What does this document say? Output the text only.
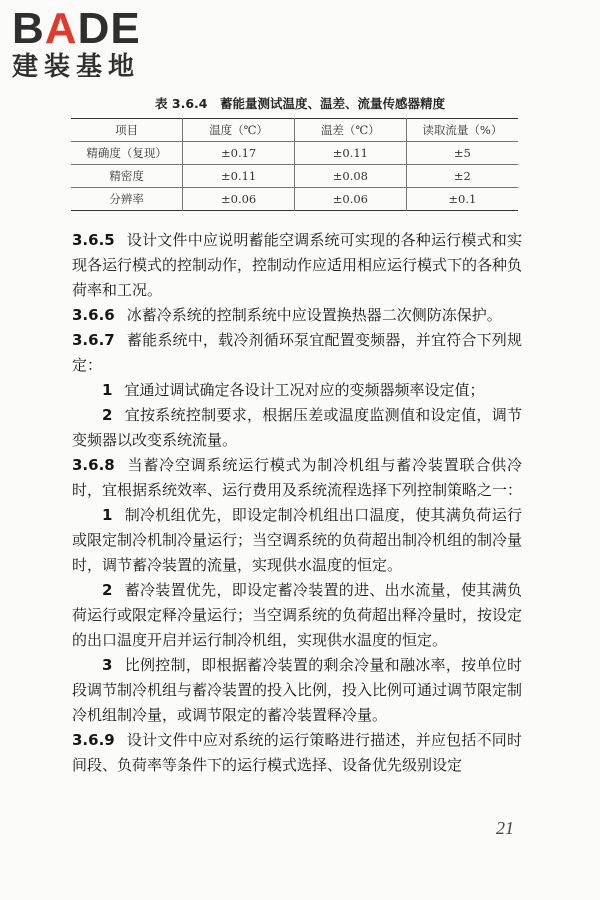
BADE
建装基地
表 3.6.4　蓄能量测试温度、温差、流量传感器精度
项目	温度（℃）	温差（℃）	读取流量（%）
精确度（复现）	±0.17	±0.11	±5
精密度	±0.11	±0.08	±2
分辨率	±0.06	±0.06	±0.1

3.6.5 设计文件中应说明蓄能空调系统可实现的各种运行模式和实现各运行模式的控制动作，控制动作应适用相应运行模式下的各种负荷率和工况。

3.6.6 冰蓄冷系统的控制系统中应设置换热器二次侧防冻保护。

3.6.7 蓄能系统中，载冷剂循环泵宜配置变频器，并宜符合下列规定：

1 宜通过调试确定各设计工况对应的变频器频率设定值；

2 宜按系统控制要求，根据压差或温度监测值和设定值，调节变频器以改变系统流量。

3.6.8 当蓄冷空调系统运行模式为制冷机组与蓄冷装置联合供冷时，宜根据系统效率、运行费用及系统流程选择下列控制策略之一：

1 制冷机组优先，即设定制冷机组出口温度，使其满负荷运行或限定制冷机制冷量运行；当空调系统的负荷超出制冷机组的制冷量时，调节蓄冷装置的流量，实现供水温度的恒定。

2 蓄冷装置优先，即设定蓄冷装置的进、出水流量，使其满负荷运行或限定释冷量运行；当空调系统的负荷超出释冷量时，按设定的出口温度开启并运行制冷机组，实现供水温度的恒定。

3 比例控制，即根据蓄冷装置的剩余冷量和融冰率，按单位时段调节制冷机组与蓄冷装置的投入比例，投入比例可通过调节限定制冷机组制冷量，或调节限定的蓄冷装置释冷量。

3.6.9 设计文件中应对系统的运行策略进行描述，并应包括不同时间段、负荷率等条件下的运行模式选择、设备优先级别设定

21
